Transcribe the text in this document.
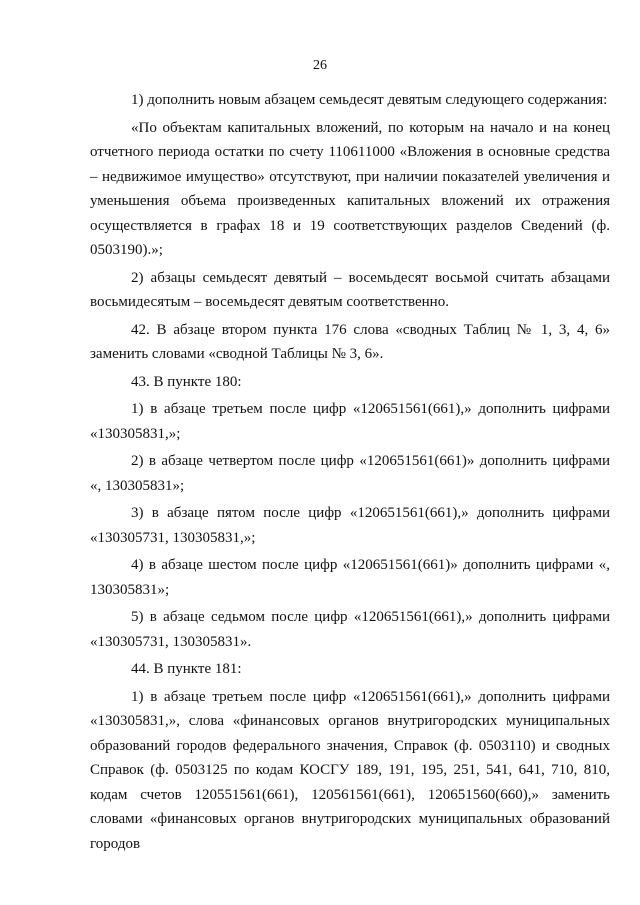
26

1) дополнить новым абзацем семьдесят девятым следующего содержания:

«По объектам капитальных вложений, по которым на начало и на конец отчетного периода остатки по счету 110611000 «Вложения в основные средства – недвижимое имущество» отсутствуют, при наличии показателей увеличения и уменьшения объема произведенных капитальных вложений их отражения осуществляется в графах 18 и 19 соответствующих разделов Сведений (ф. 0503190).»;

2) абзацы семьдесят девятый – восемьдесят восьмой считать абзацами восьмидесятым – восемьдесят девятым соответственно.

42. В абзаце втором пункта 176 слова «сводных Таблиц № 1, 3, 4, 6» заменить словами «сводной Таблицы № 3, 6».

43. В пункте 180:

1) в абзаце третьем после цифр «120651561(661),» дополнить цифрами «130305831,»;

2) в абзаце четвертом после цифр «120651561(661)» дополнить цифрами «, 130305831»;

3) в абзаце пятом после цифр «120651561(661),» дополнить цифрами «130305731, 130305831,»;

4) в абзаце шестом после цифр «120651561(661)» дополнить цифрами «, 130305831»;

5) в абзаце седьмом после цифр «120651561(661),» дополнить цифрами «130305731, 130305831».

44. В пункте 181:

1) в абзаце третьем после цифр «120651561(661),» дополнить цифрами «130305831,», слова «финансовых органов внутригородских муниципальных образований городов федерального значения, Справок (ф. 0503110) и сводных Справок (ф. 0503125 по кодам КОСГУ 189, 191, 195, 251, 541, 641, 710, 810, кодам счетов 120551561(661), 120561561(661), 120651560(660),» заменить словами «финансовых органов внутригородских муниципальных образований городов
